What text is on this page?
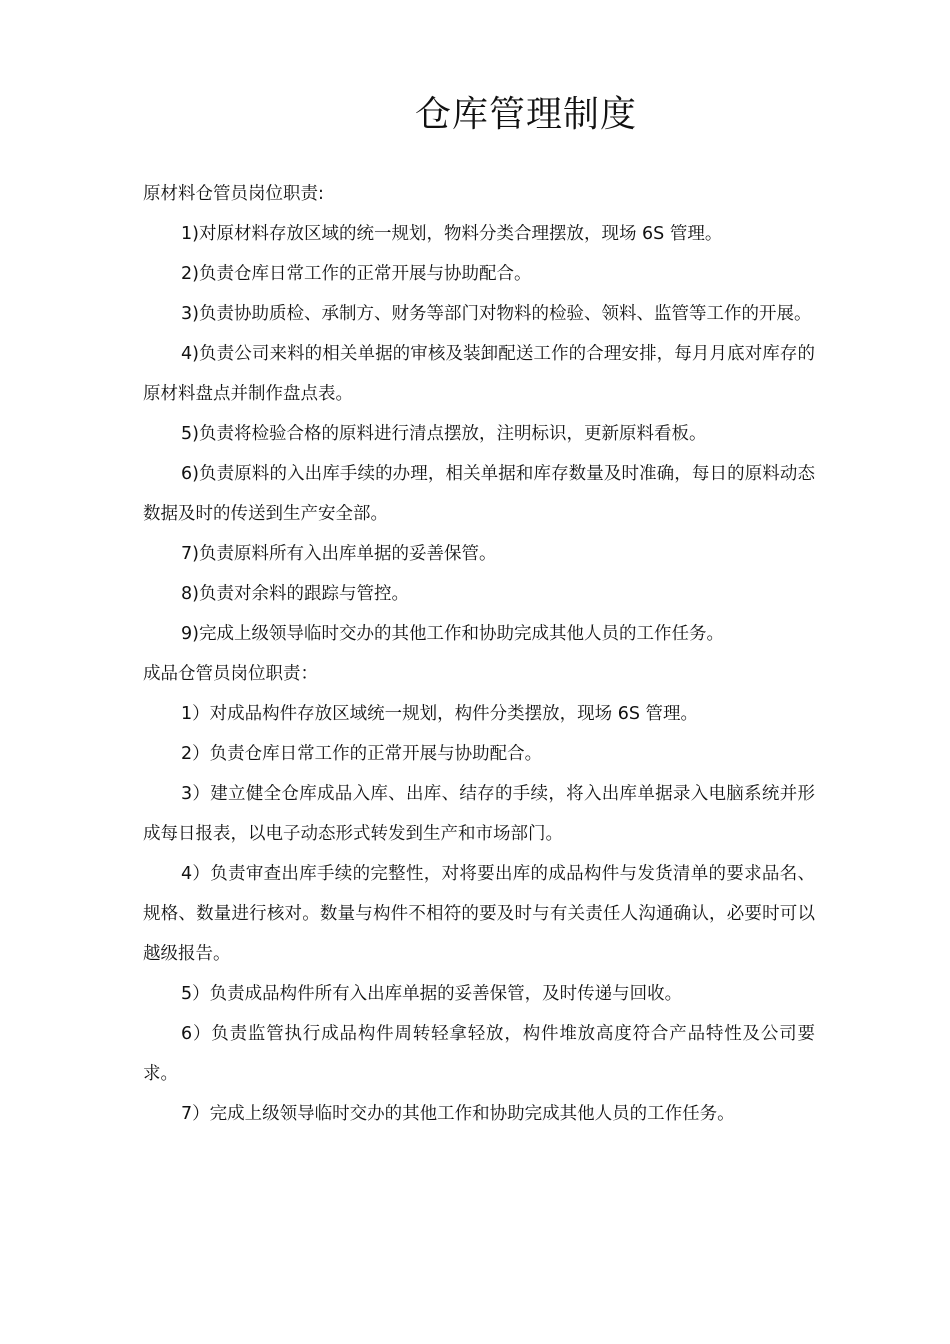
仓库管理制度

原材料仓管员岗位职责:

1)对原材料存放区域的统一规划，物料分类合理摆放，现场 6S 管理。

2)负责仓库日常工作的正常开展与协助配合。

3)负责协助质检、承制方、财务等部门对物料的检验、领料、监管等工作的开展。

4)负责公司来料的相关单据的审核及装卸配送工作的合理安排，每月月底对库存的原材料盘点并制作盘点表。

5)负责将检验合格的原料进行清点摆放，注明标识，更新原料看板。

6)负责原料的入出库手续的办理，相关单据和库存数量及时准确，每日的原料动态数据及时的传送到生产安全部。

7)负责原料所有入出库单据的妥善保管。

8)负责对余料的跟踪与管控。

9)完成上级领导临时交办的其他工作和协助完成其他人员的工作任务。

成品仓管员岗位职责：

1）对成品构件存放区域统一规划，构件分类摆放，现场 6S 管理。

2）负责仓库日常工作的正常开展与协助配合。

3）建立健全仓库成品入库、出库、结存的手续，将入出库单据录入电脑系统并形成每日报表，以电子动态形式转发到生产和市场部门。

4）负责审查出库手续的完整性，对将要出库的成品构件与发货清单的要求品名、规格、数量进行核对。数量与构件不相符的要及时与有关责任人沟通确认，必要时可以越级报告。

5）负责成品构件所有入出库单据的妥善保管，及时传递与回收。

6）负责监管执行成品构件周转轻拿轻放，构件堆放高度符合产品特性及公司要求。

7）完成上级领导临时交办的其他工作和协助完成其他人员的工作任务。
